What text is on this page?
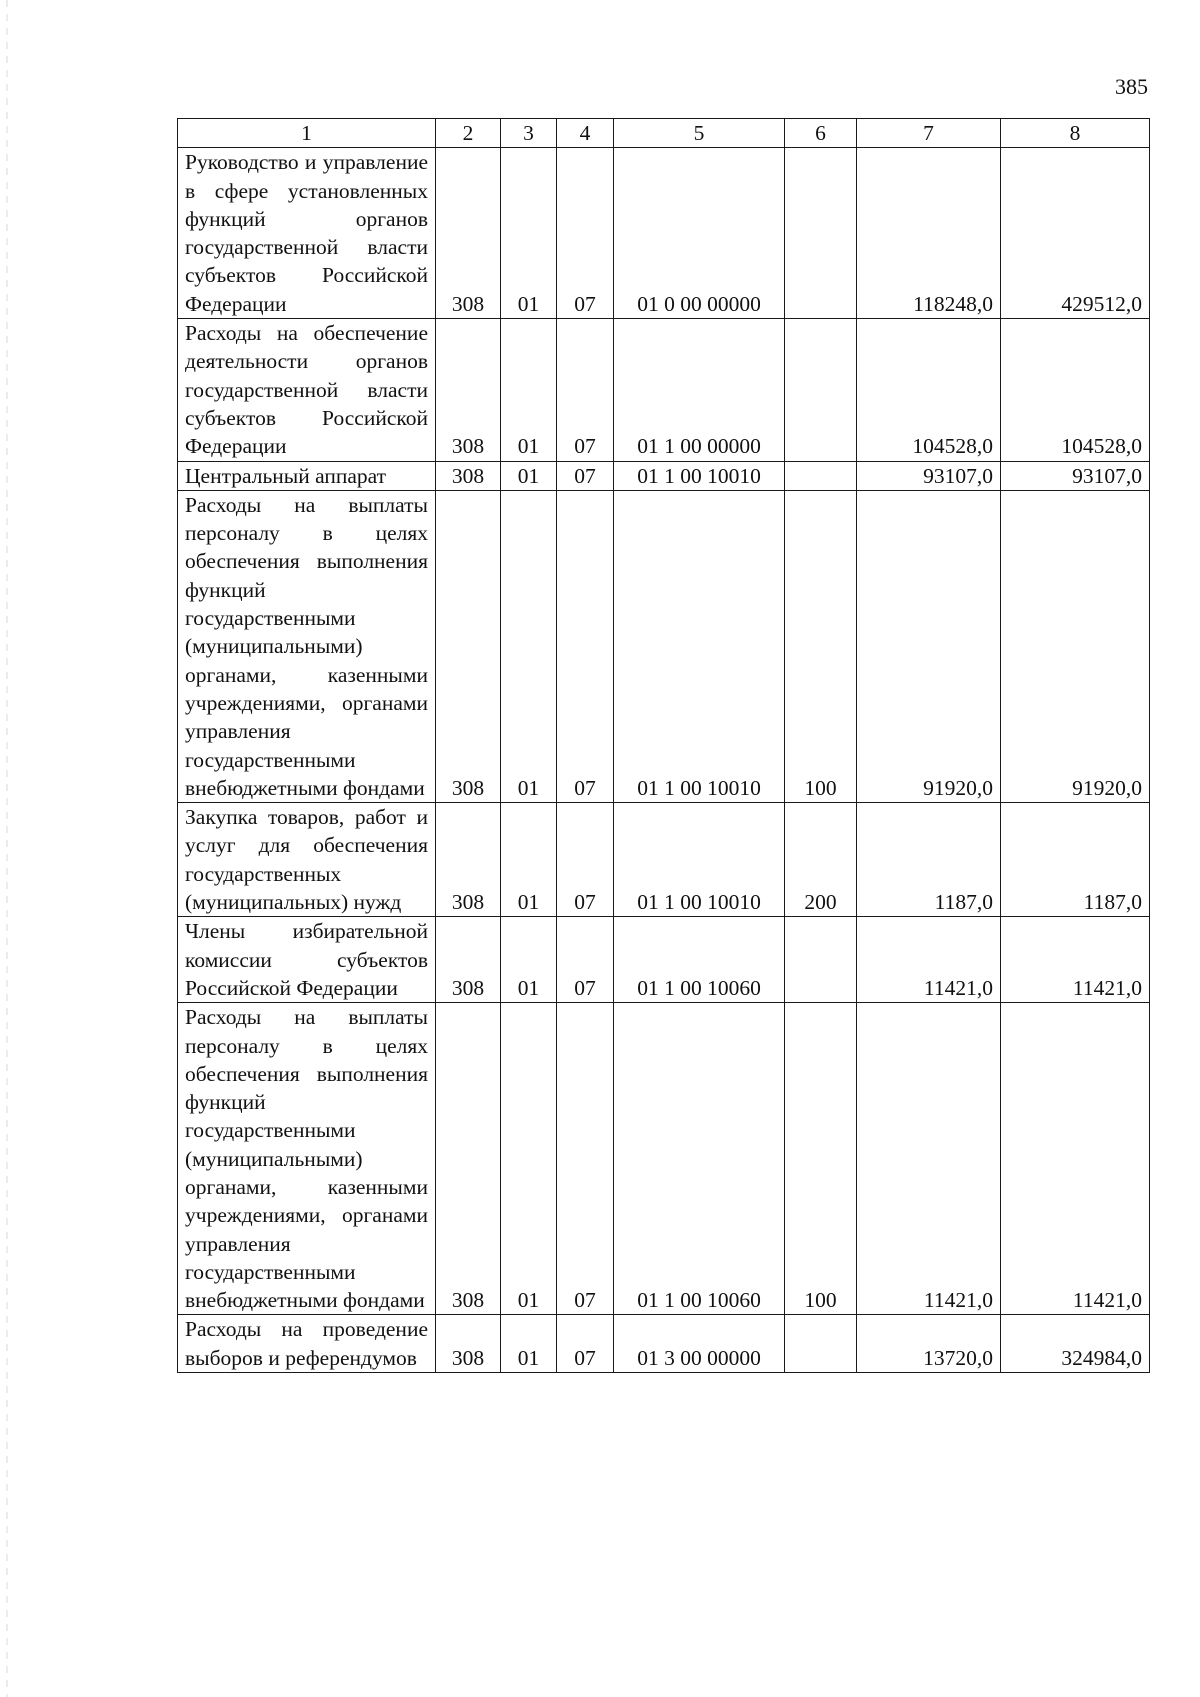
385
1	2	3	4	5	6	7	8
Руководство и управление в сфере установленных функций органов государственной власти субъектов Российской Федерации	308	01	07	01 0 00 00000		118248,0	429512,0
Расходы на обеспечение деятельности органов государственной власти субъектов Российской Федерации	308	01	07	01 1 00 00000		104528,0	104528,0
Центральный аппарат	308	01	07	01 1 00 10010		93107,0	93107,0
Расходы на выплаты персоналу в целях обеспечения выполнения функций государственными (муниципальными) органами, казенными учреждениями, органами управления государственными внебюджетными фондами	308	01	07	01 1 00 10010	100	91920,0	91920,0
Закупка товаров, работ и услуг для обеспечения государственных (муниципальных) нужд	308	01	07	01 1 00 10010	200	1187,0	1187,0
Члены избирательной комиссии субъектов Российской Федерации	308	01	07	01 1 00 10060		11421,0	11421,0
Расходы на выплаты персоналу в целях обеспечения выполнения функций государственными (муниципальными) органами, казенными учреждениями, органами управления государственными внебюджетными фондами	308	01	07	01 1 00 10060	100	11421,0	11421,0
Расходы на проведение выборов и референдумов	308	01	07	01 3 00 00000		13720,0	324984,0
